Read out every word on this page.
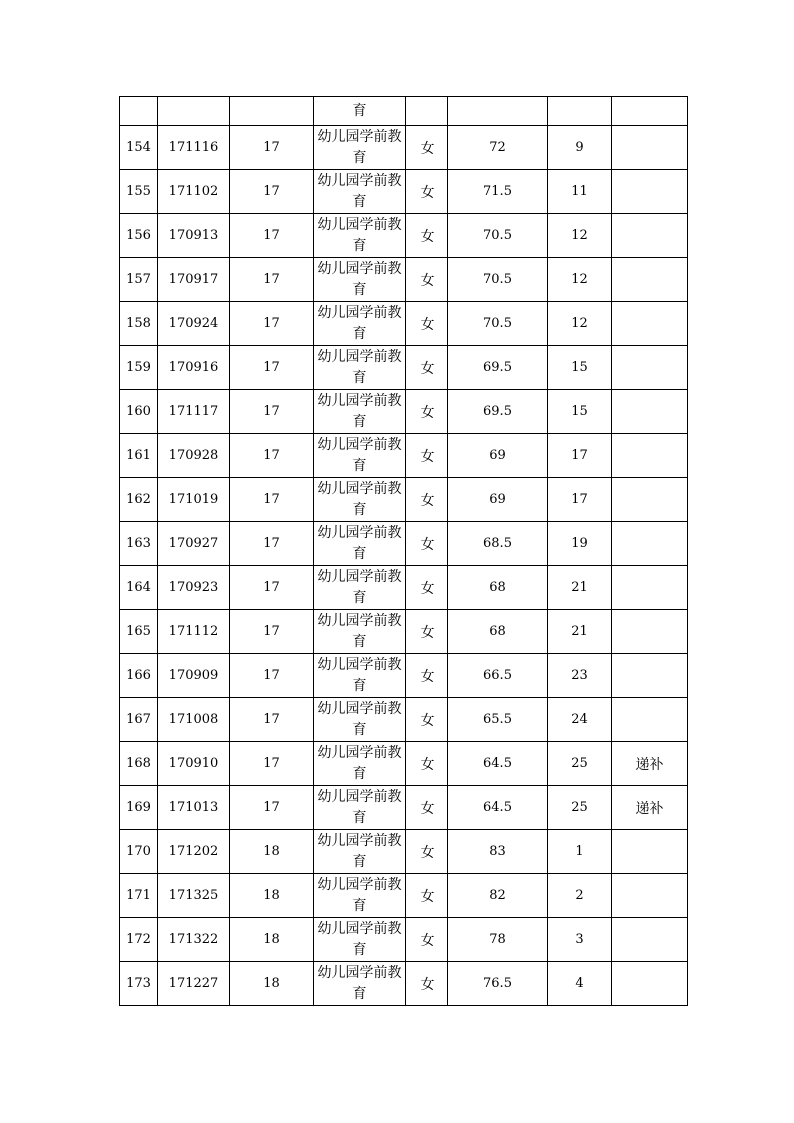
			育				

154	171116	17	幼儿园学前教
育	女	72	9	
155	171102	17	幼儿园学前教
育	女	71.5	11	
156	170913	17	幼儿园学前教
育	女	70.5	12	
157	170917	17	幼儿园学前教
育	女	70.5	12	
158	170924	17	幼儿园学前教
育	女	70.5	12	
159	170916	17	幼儿园学前教
育	女	69.5	15	
160	171117	17	幼儿园学前教
育	女	69.5	15	
161	170928	17	幼儿园学前教
育	女	69	17	
162	171019	17	幼儿园学前教
育	女	69	17	
163	170927	17	幼儿园学前教
育	女	68.5	19	
164	170923	17	幼儿园学前教
育	女	68	21	
165	171112	17	幼儿园学前教
育	女	68	21	
166	170909	17	幼儿园学前教
育	女	66.5	23	
167	171008	17	幼儿园学前教
育	女	65.5	24	
168	170910	17	幼儿园学前教
育	女	64.5	25	递补
169	171013	17	幼儿园学前教
育	女	64.5	25	递补
170	171202	18	幼儿园学前教
育	女	83	1	
171	171325	18	幼儿园学前教
育	女	82	2	
172	171322	18	幼儿园学前教
育	女	78	3	
173	171227	18	幼儿园学前教
育	女	76.5	4	
